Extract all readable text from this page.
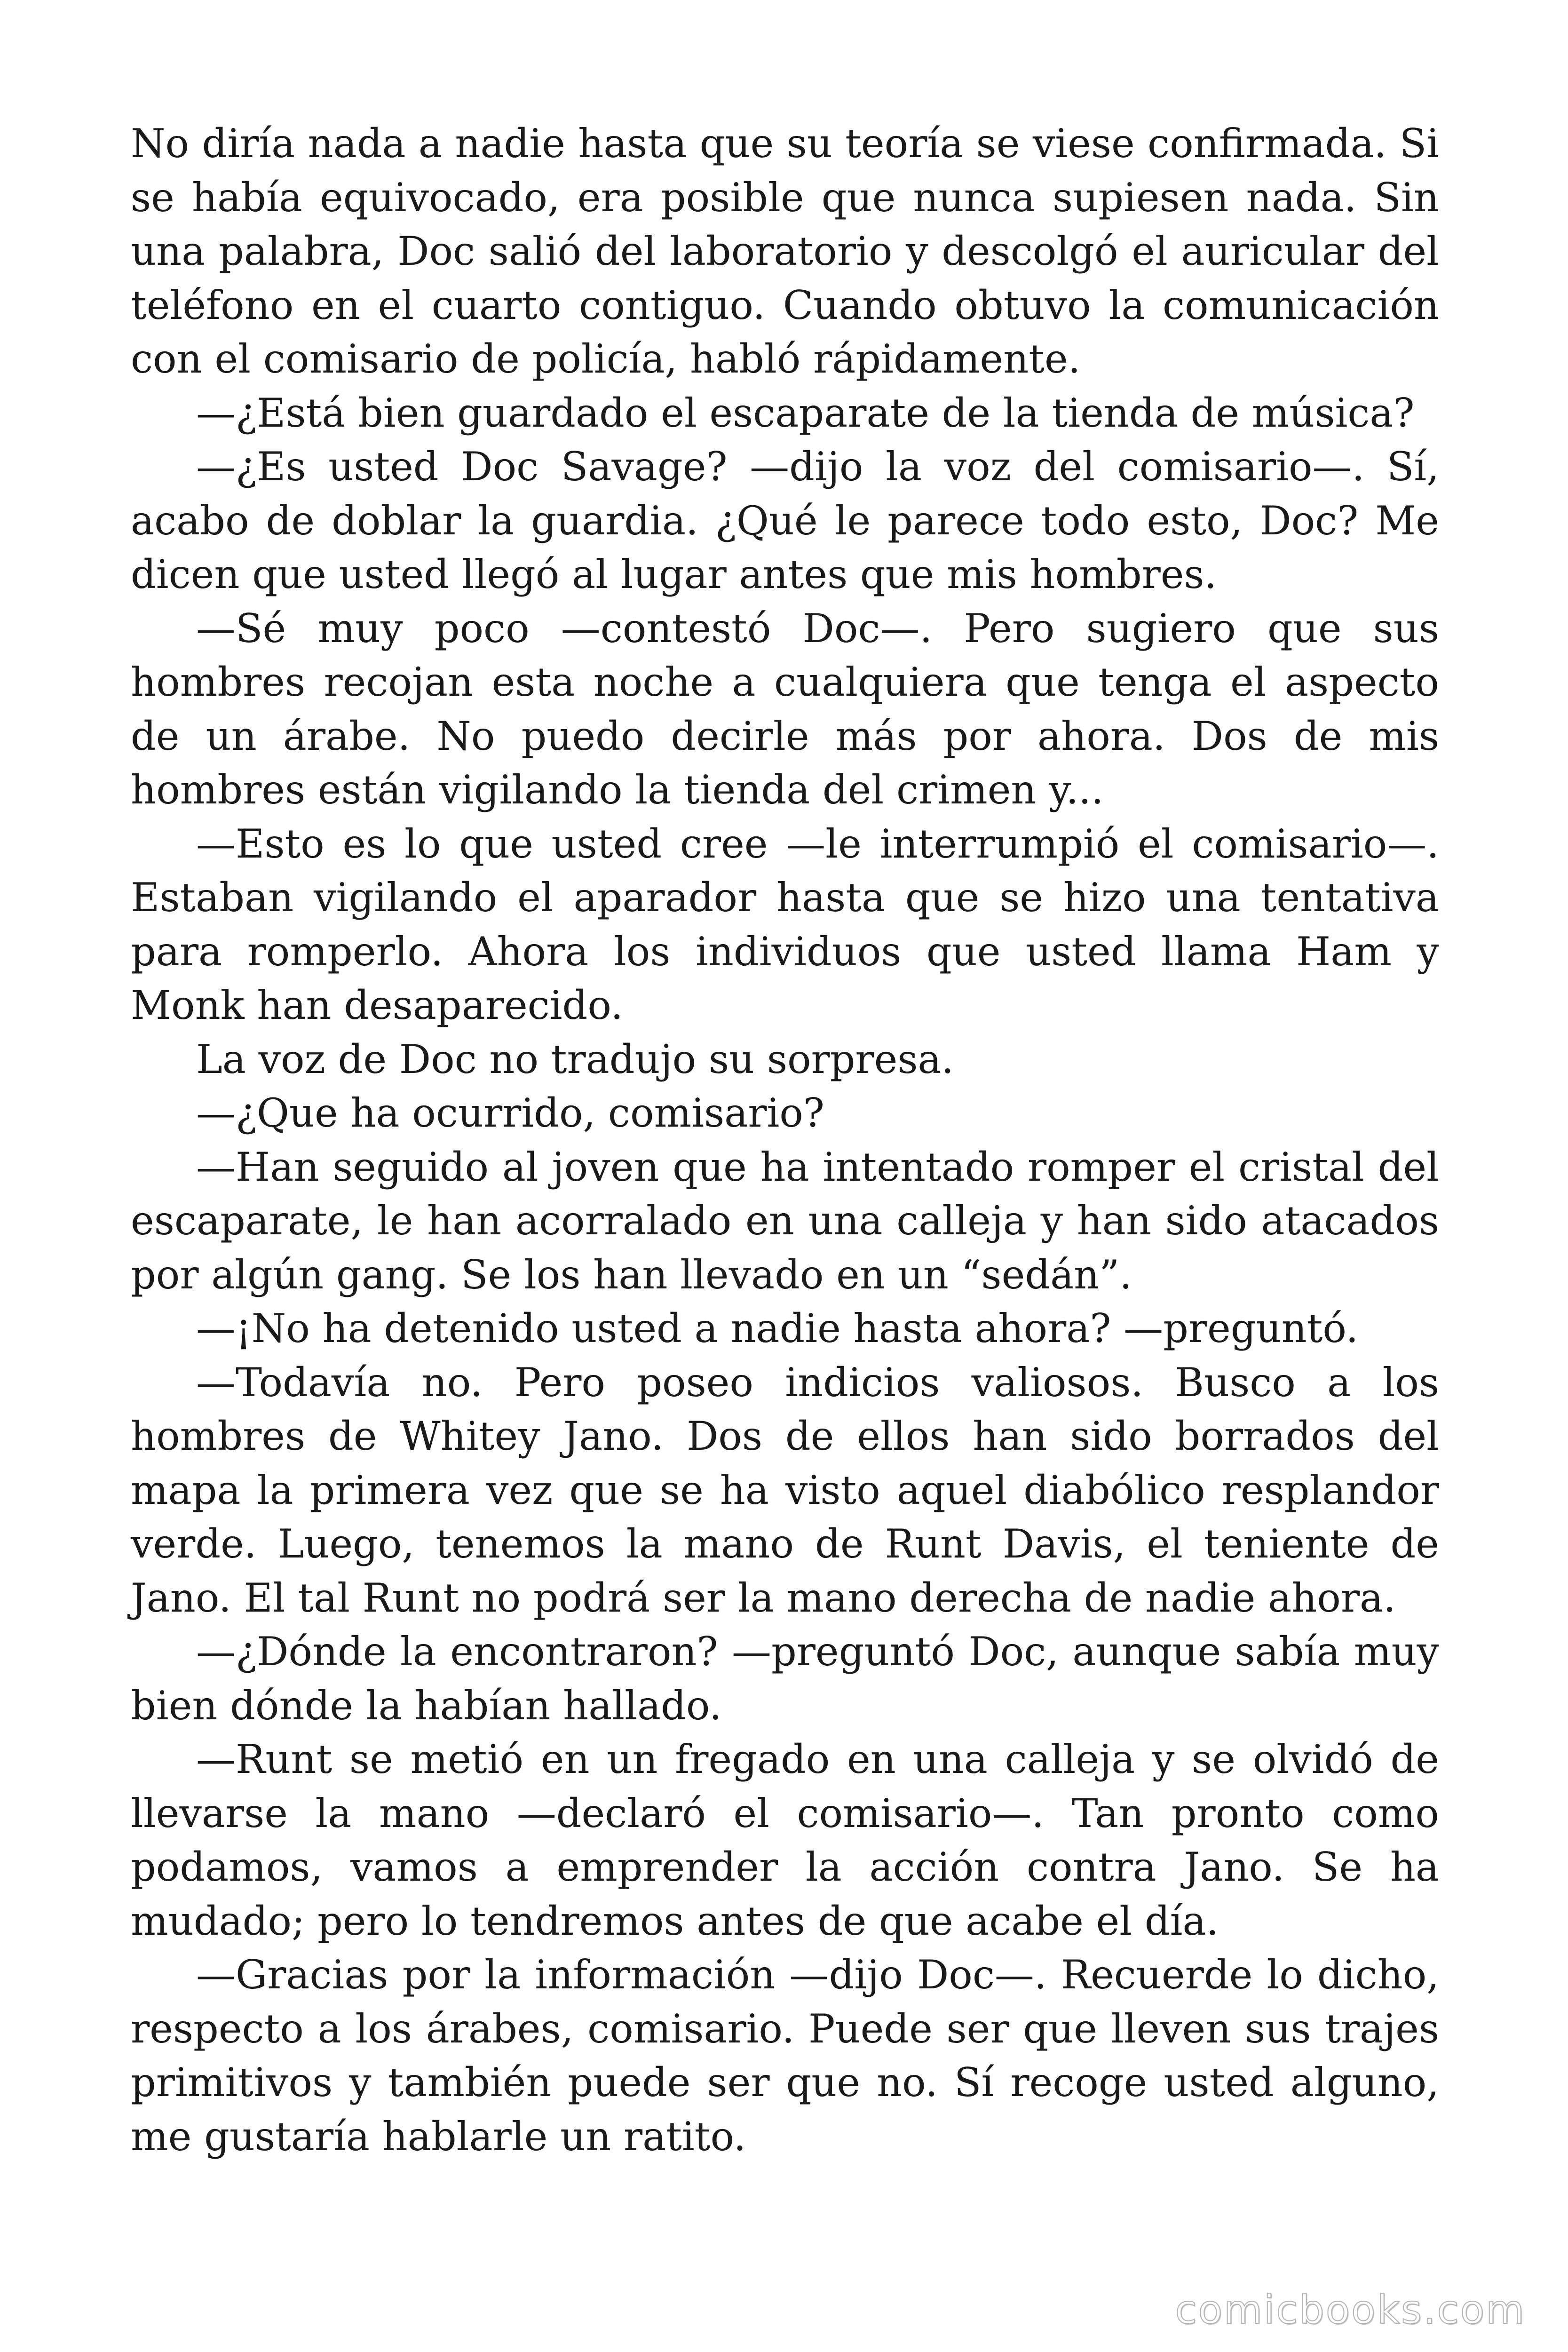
No diría nada a nadie hasta que su teoría se viese confirmada. Si se había equivocado, era posible que nunca supiesen nada. Sin una palabra, Doc salió del laboratorio y descolgó el auricular del teléfono en el cuarto contiguo. Cuando obtuvo la comunicación con el comisario de policía, habló rápidamente.

—¿Está bien guardado el escaparate de la tienda de música?

—¿Es usted Doc Savage? —dijo la voz del comisario—. Sí, acabo de doblar la guardia. ¿Qué le parece todo esto, Doc? Me dicen que usted llegó al lugar antes que mis hombres.

—Sé muy poco —contestó Doc—. Pero sugiero que sus hombres recojan esta noche a cualquiera que tenga el aspecto de un árabe. No puedo decirle más por ahora. Dos de mis hombres están vigilando la tienda del crimen y...

—Esto es lo que usted cree —le interrumpió el comisario—. Estaban vigilando el aparador hasta que se hizo una tentativa para romperlo. Ahora los individuos que usted llama Ham y Monk han desaparecido.

La voz de Doc no tradujo su sorpresa.

—¿Que ha ocurrido, comisario?

—Han seguido al joven que ha intentado romper el cristal del escaparate, le han acorralado en una calleja y han sido atacados por algún gang. Se los han llevado en un “sedán”.

—¡No ha detenido usted a nadie hasta ahora? —preguntó.

—Todavía no. Pero poseo indicios valiosos. Busco a los hombres de Whitey Jano. Dos de ellos han sido borrados del mapa la primera vez que se ha visto aquel diabólico resplandor verde. Luego, tenemos la mano de Runt Davis, el teniente de Jano. El tal Runt no podrá ser la mano derecha de nadie ahora.

—¿Dónde la encontraron? —preguntó Doc, aunque sabía muy bien dónde la habían hallado.

—Runt se metió en un fregado en una calleja y se olvidó de llevarse la mano —declaró el comisario—. Tan pronto como podamos, vamos a emprender la acción contra Jano. Se ha mudado; pero lo tendremos antes de que acabe el día.

—Gracias por la información —dijo Doc—. Recuerde lo dicho, respecto a los árabes, comisario. Puede ser que lleven sus trajes primitivos y también puede ser que no. Sí recoge usted alguno, me gustaría hablarle un ratito.

comicbooks.com
